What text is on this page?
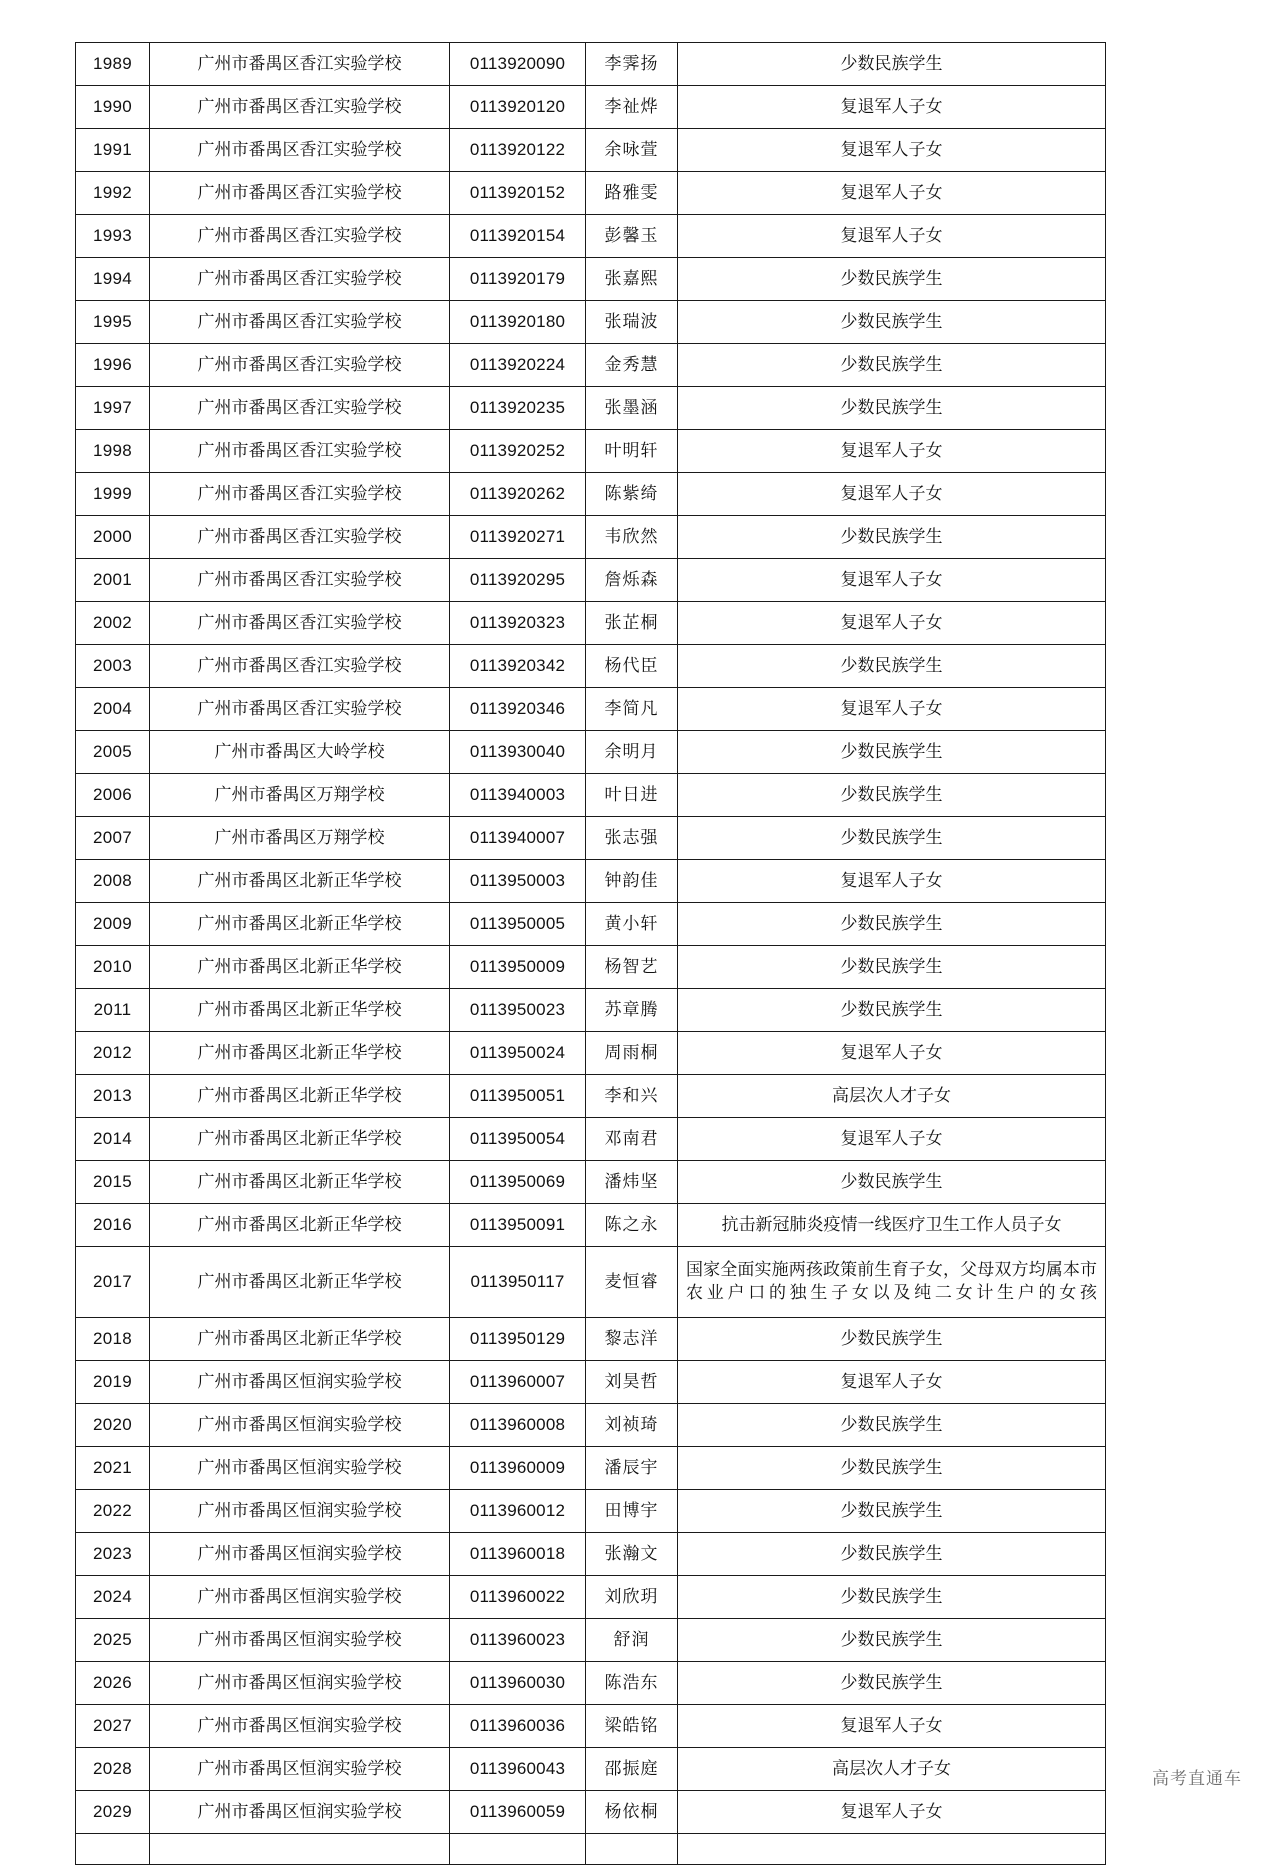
1989	广州市番禺区香江实验学校	0113920090	李霁扬	少数民族学生
1990	广州市番禺区香江实验学校	0113920120	李祉烨	复退军人子女
1991	广州市番禺区香江实验学校	0113920122	余咏萱	复退军人子女
1992	广州市番禺区香江实验学校	0113920152	路雅雯	复退军人子女
1993	广州市番禺区香江实验学校	0113920154	彭馨玉	复退军人子女
1994	广州市番禺区香江实验学校	0113920179	张嘉熙	少数民族学生
1995	广州市番禺区香江实验学校	0113920180	张瑞波	少数民族学生
1996	广州市番禺区香江实验学校	0113920224	金秀慧	少数民族学生
1997	广州市番禺区香江实验学校	0113920235	张墨涵	少数民族学生
1998	广州市番禺区香江实验学校	0113920252	叶明轩	复退军人子女
1999	广州市番禺区香江实验学校	0113920262	陈紫绮	复退军人子女
2000	广州市番禺区香江实验学校	0113920271	韦欣然	少数民族学生
2001	广州市番禺区香江实验学校	0113920295	詹烁森	复退军人子女
2002	广州市番禺区香江实验学校	0113920323	张芷桐	复退军人子女
2003	广州市番禺区香江实验学校	0113920342	杨代臣	少数民族学生
2004	广州市番禺区香江实验学校	0113920346	李简凡	复退军人子女
2005	广州市番禺区大岭学校	0113930040	余明月	少数民族学生
2006	广州市番禺区万翔学校	0113940003	叶日进	少数民族学生
2007	广州市番禺区万翔学校	0113940007	张志强	少数民族学生
2008	广州市番禺区北新正华学校	0113950003	钟韵佳	复退军人子女
2009	广州市番禺区北新正华学校	0113950005	黄小轩	少数民族学生
2010	广州市番禺区北新正华学校	0113950009	杨智艺	少数民族学生
2011	广州市番禺区北新正华学校	0113950023	苏章腾	少数民族学生
2012	广州市番禺区北新正华学校	0113950024	周雨桐	复退军人子女
2013	广州市番禺区北新正华学校	0113950051	李和兴	高层次人才子女
2014	广州市番禺区北新正华学校	0113950054	邓南君	复退军人子女
2015	广州市番禺区北新正华学校	0113950069	潘炜坚	少数民族学生
2016	广州市番禺区北新正华学校	0113950091	陈之永	抗击新冠肺炎疫情一线医疗卫生工作人员子女
2017	广州市番禺区北新正华学校	0113950117	麦恒睿	国家全面实施两孩政策前生育子女，父母双方均属本市农业户口的独生子女以及纯二女计生户的女孩
2018	广州市番禺区北新正华学校	0113950129	黎志洋	少数民族学生
2019	广州市番禺区恒润实验学校	0113960007	刘昊哲	复退军人子女
2020	广州市番禺区恒润实验学校	0113960008	刘祯琦	少数民族学生
2021	广州市番禺区恒润实验学校	0113960009	潘辰宇	少数民族学生
2022	广州市番禺区恒润实验学校	0113960012	田博宇	少数民族学生
2023	广州市番禺区恒润实验学校	0113960018	张瀚文	少数民族学生
2024	广州市番禺区恒润实验学校	0113960022	刘欣玥	少数民族学生
2025	广州市番禺区恒润实验学校	0113960023	舒润	少数民族学生
2026	广州市番禺区恒润实验学校	0113960030	陈浩东	少数民族学生
2027	广州市番禺区恒润实验学校	0113960036	梁皓铭	复退军人子女
2028	广州市番禺区恒润实验学校	0113960043	邵振庭	高层次人才子女
2029	广州市番禺区恒润实验学校	0113960059	杨依桐	复退军人子女

高考直通车
